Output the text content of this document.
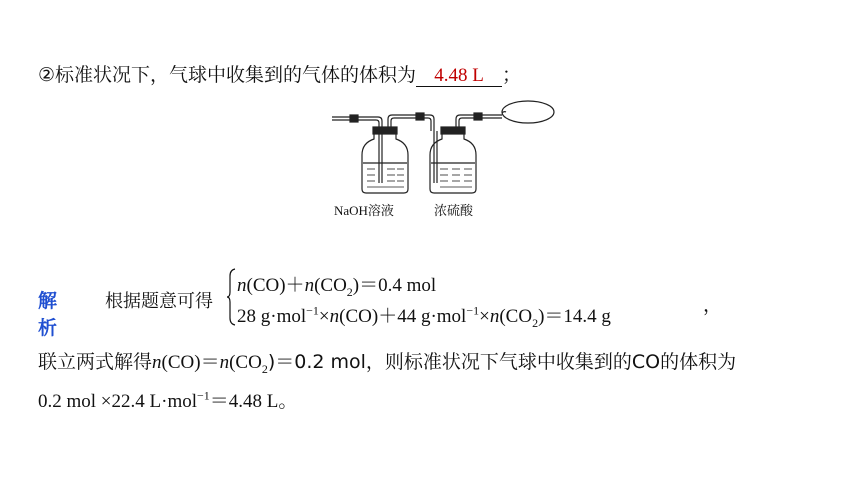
②标准状况下，气球中收集到的气体的体积为 4.48 L ；
NaOH溶液	浓硫酸
解析
根据题意可得
$n(CO)+n(CO_2)=0.4$ mol
28 g·mol$^{-1}$×n(CO)＋44 $g\cdot mol^{-1}\times n(CO_2)=14.4$ g
，
联立两式解得$n(CO)=n(CO_2)=0.2$ mol，则标准状况下气球中收集到的CO的体积为
0.2 mol ×22.4 L·mol$^{-1}$＝4.48 L。
